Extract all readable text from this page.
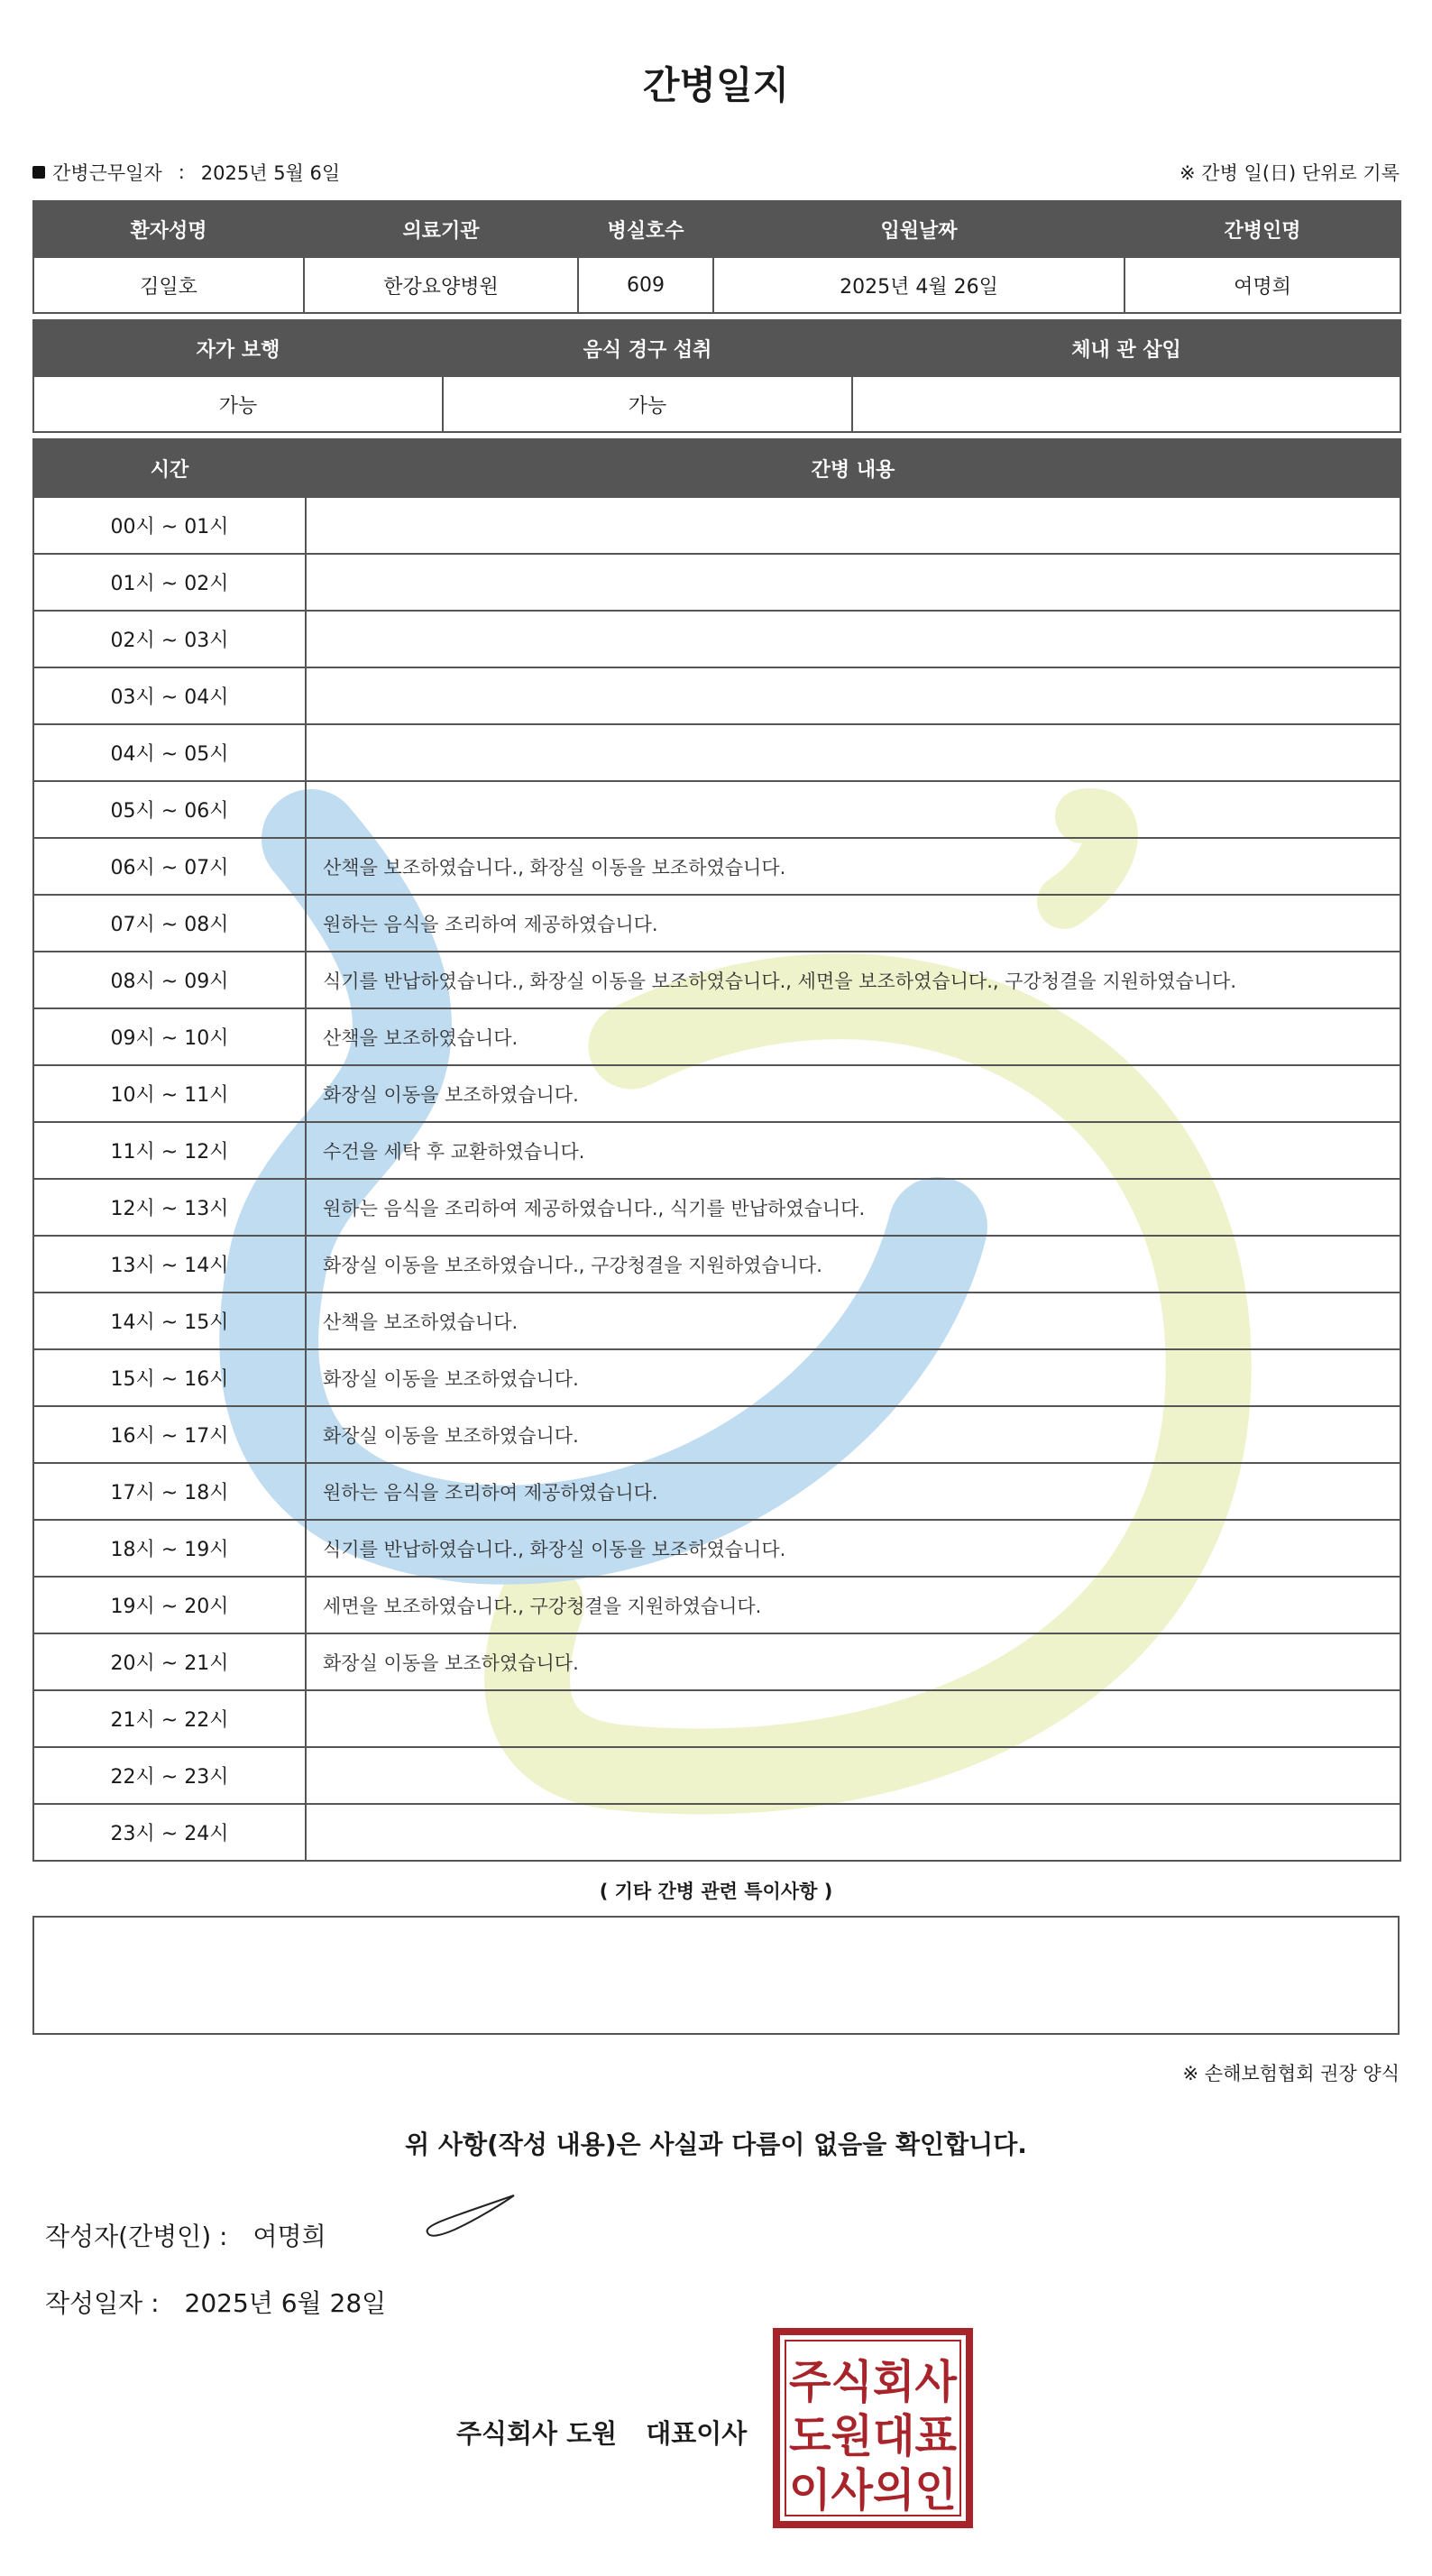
간병일지
간병근무일자 : 2025년 5월 6일	※ 간병 일(日) 단위로 기록
환자성명	의료기관	병실호수	입원날짜	간병인명
김일호	한강요양병원	609	2025년 4월 26일	여명희
자가 보행	음식 경구 섭취	체내 관 삽입
가능	가능	
시간	간병 내용
00시 ~ 01시	
01시 ~ 02시	
02시 ~ 03시	
03시 ~ 04시	
04시 ~ 05시	
05시 ~ 06시	
06시 ~ 07시	산책을 보조하였습니다., 화장실 이동을 보조하였습니다.
07시 ~ 08시	원하는 음식을 조리하여 제공하였습니다.
08시 ~ 09시	식기를 반납하였습니다., 화장실 이동을 보조하였습니다., 세면을 보조하였습니다., 구강청결을 지원하였습니다.
09시 ~ 10시	산책을 보조하였습니다.
10시 ~ 11시	화장실 이동을 보조하였습니다.
11시 ~ 12시	수건을 세탁 후 교환하였습니다.
12시 ~ 13시	원하는 음식을 조리하여 제공하였습니다., 식기를 반납하였습니다.
13시 ~ 14시	화장실 이동을 보조하였습니다., 구강청결을 지원하였습니다.
14시 ~ 15시	산책을 보조하였습니다.
15시 ~ 16시	화장실 이동을 보조하였습니다.
16시 ~ 17시	화장실 이동을 보조하였습니다.
17시 ~ 18시	원하는 음식을 조리하여 제공하였습니다.
18시 ~ 19시	식기를 반납하였습니다., 화장실 이동을 보조하였습니다.
19시 ~ 20시	세면을 보조하였습니다., 구강청결을 지원하였습니다.
20시 ~ 21시	화장실 이동을 보조하였습니다.
21시 ~ 22시	
22시 ~ 23시	
23시 ~ 24시	
( 기타 간병 관련 특이사항 )
※ 손해보험협회 권장 양식
위 사항(작성 내용)은 사실과 다름이 없음을 확인합니다.
작성자(간병인) : 여명희
작성일자 : 2025년 6월 28일
주식회사 도원 대표이사
주식회사
도원대표
이사의인
